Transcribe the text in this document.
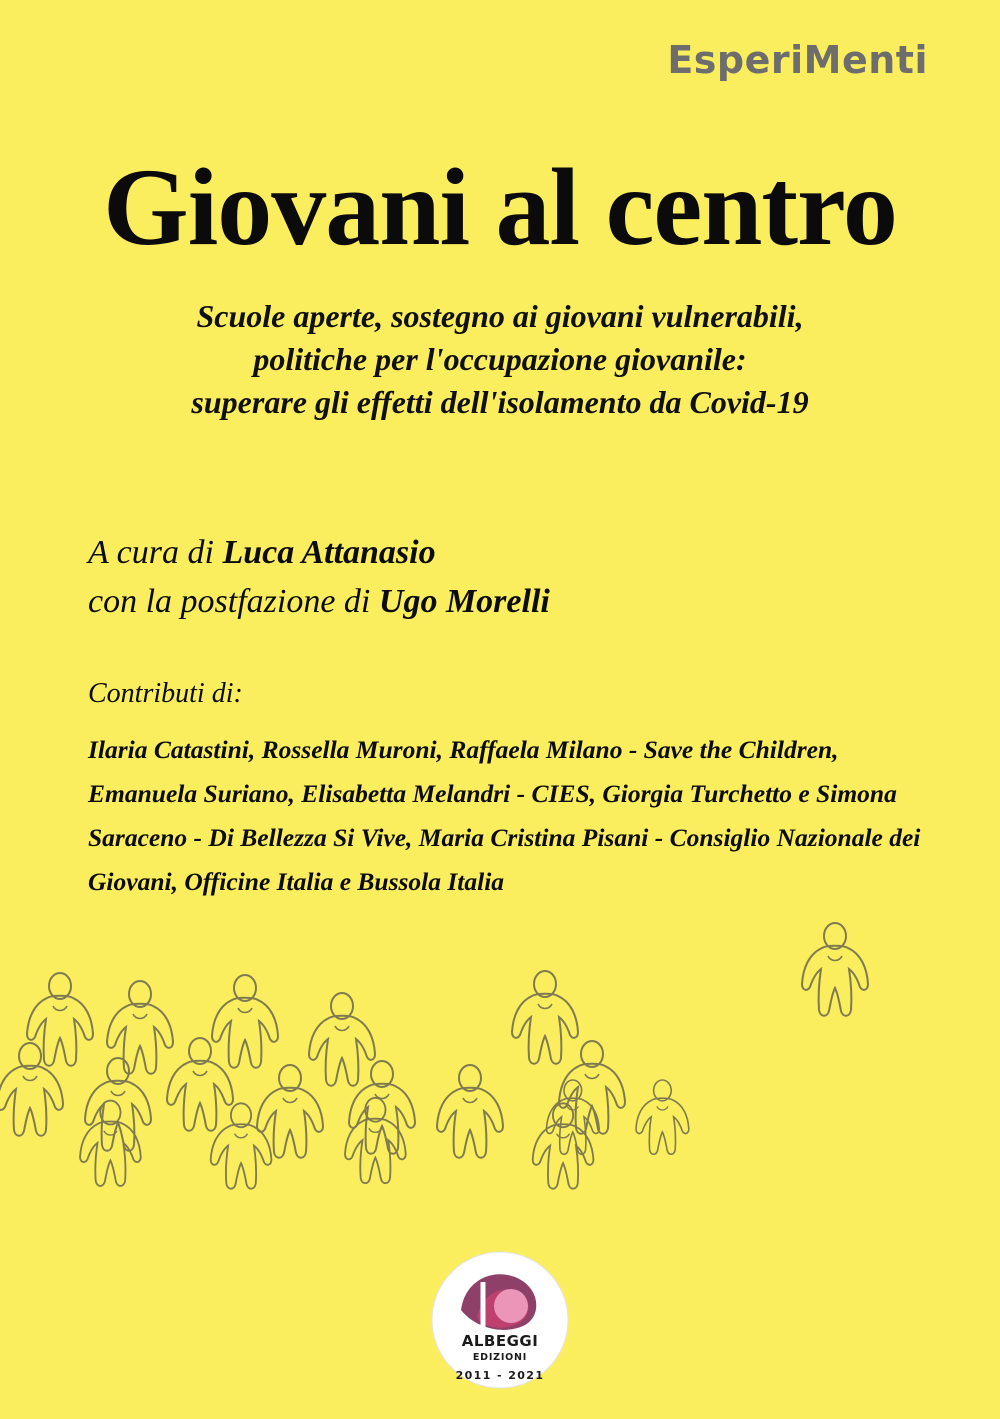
EsperiMenti
Giovani al centro
Scuole aperte, sostegno ai giovani vulnerabili,
politiche per l'occupazione giovanile:
superare gli effetti dell'isolamento da Covid-19
A cura di Luca Attanasio
con la postfazione di Ugo Morelli
Contributi di:
Ilaria Catastini, Rossella Muroni, Raffaela Milano - Save the Children, Emanuela Suriano, Elisabetta Melandri - CIES, Giorgia Turchetto e Simona Saraceno - Di Bellezza Si Vive, Maria Cristina Pisani - Consiglio Nazionale dei Giovani, Officine Italia e Bussola Italia
ALBEGGI
EDIZIONI
2011 - 2021
